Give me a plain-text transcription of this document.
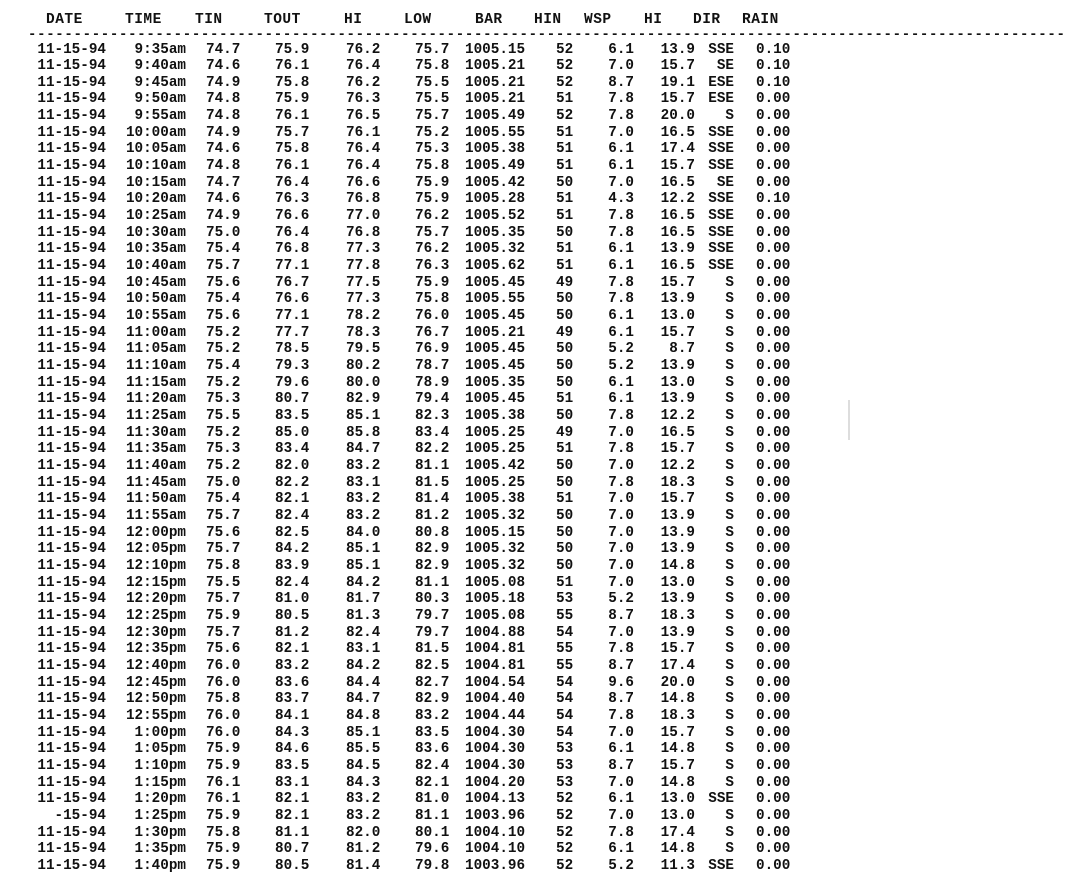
DATE	TIME TIN	TOUT	HI	LOW	BAR HIN WSP HI DIR RAIN
------------------------------------------------------------------------------------------------------------------
11-15-94 9:35am 74.7 75.9	76.2 75.7 1005.15 52 6.1 13.9 SSE 0.10
11-15-94 9:40am 74.6 76.1	76.4 75.8 1005.21 52 7.0 15.7 SE 0.10
11-15-94 9:45am 74.9 75.8	76.2 75.5 1005.21 52 8.7 19.1 ESE 0.10
11-15-94 9:50am 74.8 75.9	76.3 75.5 1005.21 51 7.8 15.7 ESE 0.00
11-15-94 9:55am 74.8 76.1	76.5 75.7 1005.49 52 7.8 20.0 S 0.00
11-15-94 10:00am 74.9 75.7	76.1 75.2 1005.55 51 7.0 16.5 SSE 0.00
11-15-94 10:05am 74.6 75.8	76.4 75.3 1005.38 51 6.1 17.4 SSE 0.00
11-15-94 10:10am 74.8 76.1	76.4 75.8 1005.49 51 6.1 15.7 SSE 0.00
11-15-94 10:15am 74.7 76.4	76.6 75.9 1005.42 50 7.0 16.5 SE 0.00
11-15-94 10:20am 74.6 76.3	76.8 75.9 1005.28 51 4.3 12.2 SSE 0.10
11-15-94 10:25am 74.9 76.6	77.0 76.2 1005.52 51 7.8 16.5 SSE 0.00
11-15-94 10:30am 75.0 76.4	76.8 75.7 1005.35 50 7.8 16.5 SSE 0.00
11-15-94 10:35am 75.4 76.8	77.3 76.2 1005.32 51 6.1 13.9 SSE 0.00
11-15-94 10:40am 75.7 77.1	77.8 76.3 1005.62 51 6.1 16.5 SSE 0.00
11-15-94 10:45am 75.6 76.7	77.5 75.9 1005.45 49 7.8 15.7 S 0.00
11-15-94 10:50am 75.4 76.6	77.3 75.8 1005.55 50 7.8 13.9 S 0.00
11-15-94 10:55am 75.6 77.1	78.2 76.0 1005.45 50 6.1 13.0 S 0.00
11-15-94 11:00am 75.2 77.7	78.3 76.7 1005.21 49 6.1 15.7 S 0.00
11-15-94 11:05am 75.2 78.5	79.5 76.9 1005.45 50 5.2 8.7 S 0.00
11-15-94 11:10am 75.4 79.3	80.2 78.7 1005.45 50 5.2 13.9 S 0.00
11-15-94 11:15am 75.2 79.6	80.0 78.9 1005.35 50 6.1 13.0 S 0.00
11-15-94 11:20am 75.3 80.7	82.9 79.4 1005.45 51 6.1 13.9 S 0.00
11-15-94 11:25am 75.5 83.5	85.1 82.3 1005.38 50 7.8 12.2 S 0.00
11-15-94 11:30am 75.2 85.0	85.8 83.4 1005.25 49 7.0 16.5 S 0.00
11-15-94 11:35am 75.3 83.4	84.7 82.2 1005.25 51 7.8 15.7 S 0.00
11-15-94 11:40am 75.2 82.0	83.2 81.1 1005.42 50 7.0 12.2 S 0.00
11-15-94 11:45am 75.0 82.2	83.1 81.5 1005.25 50 7.8 18.3 S 0.00
11-15-94 11:50am 75.4 82.1	83.2 81.4 1005.38 51 7.0 15.7 S 0.00
11-15-94 11:55am 75.7 82.4	83.2 81.2 1005.32 50 7.0 13.9 S 0.00
11-15-94 12:00pm 75.6 82.5	84.0 80.8 1005.15 50 7.0 13.9 S 0.00
11-15-94 12:05pm 75.7 84.2	85.1 82.9 1005.32 50 7.0 13.9 S 0.00
11-15-94 12:10pm 75.8 83.9	85.1 82.9 1005.32 50 7.0 14.8 S 0.00
11-15-94 12:15pm 75.5 82.4	84.2 81.1 1005.08 51 7.0 13.0 S 0.00
11-15-94 12:20pm 75.7 81.0	81.7 80.3 1005.18 53 5.2 13.9 S 0.00
11-15-94 12:25pm 75.9 80.5	81.3 79.7 1005.08 55 8.7 18.3 S 0.00
11-15-94 12:30pm 75.7 81.2	82.4 79.7 1004.88 54 7.0 13.9 S 0.00
11-15-94 12:35pm 75.6 82.1	83.1 81.5 1004.81 55 7.8 15.7 S 0.00
11-15-94 12:40pm 76.0 83.2	84.2 82.5 1004.81 55 8.7 17.4 S 0.00
11-15-94 12:45pm 76.0 83.6	84.4 82.7 1004.54 54 9.6 20.0 S 0.00
11-15-94 12:50pm 75.8 83.7	84.7 82.9 1004.40 54 8.7 14.8 S 0.00
11-15-94 12:55pm 76.0 84.1	84.8 83.2 1004.44 54 7.8 18.3 S 0.00
11-15-94 1:00pm 76.0 84.3	85.1 83.5 1004.30 54 7.0 15.7 S 0.00
11-15-94 1:05pm 75.9 84.6	85.5 83.6 1004.30 53 6.1 14.8 S 0.00
11-15-94 1:10pm 75.9 83.5	84.5 82.4 1004.30 53 8.7 15.7 S 0.00
11-15-94 1:15pm 76.1 83.1	84.3 82.1 1004.20 53 7.0 14.8 S 0.00
11-15-94 1:20pm 76.1 82.1	83.2 81.0 1004.13 52 6.1 13.0 SSE 0.00
-15-94 1:25pm 75.9 82.1	83.2 81.1 1003.96 52 7.0 13.0 S 0.00
11-15-94 1:30pm 75.8 81.1	82.0 80.1 1004.10 52 7.8 17.4 S 0.00
11-15-94 1:35pm 75.9 80.7	81.2 79.6 1004.10 52 6.1 14.8 S 0.00
11-15-94 1:40pm 75.9 80.5	81.4 79.8 1003.96 52 5.2 11.3 SSE 0.00
